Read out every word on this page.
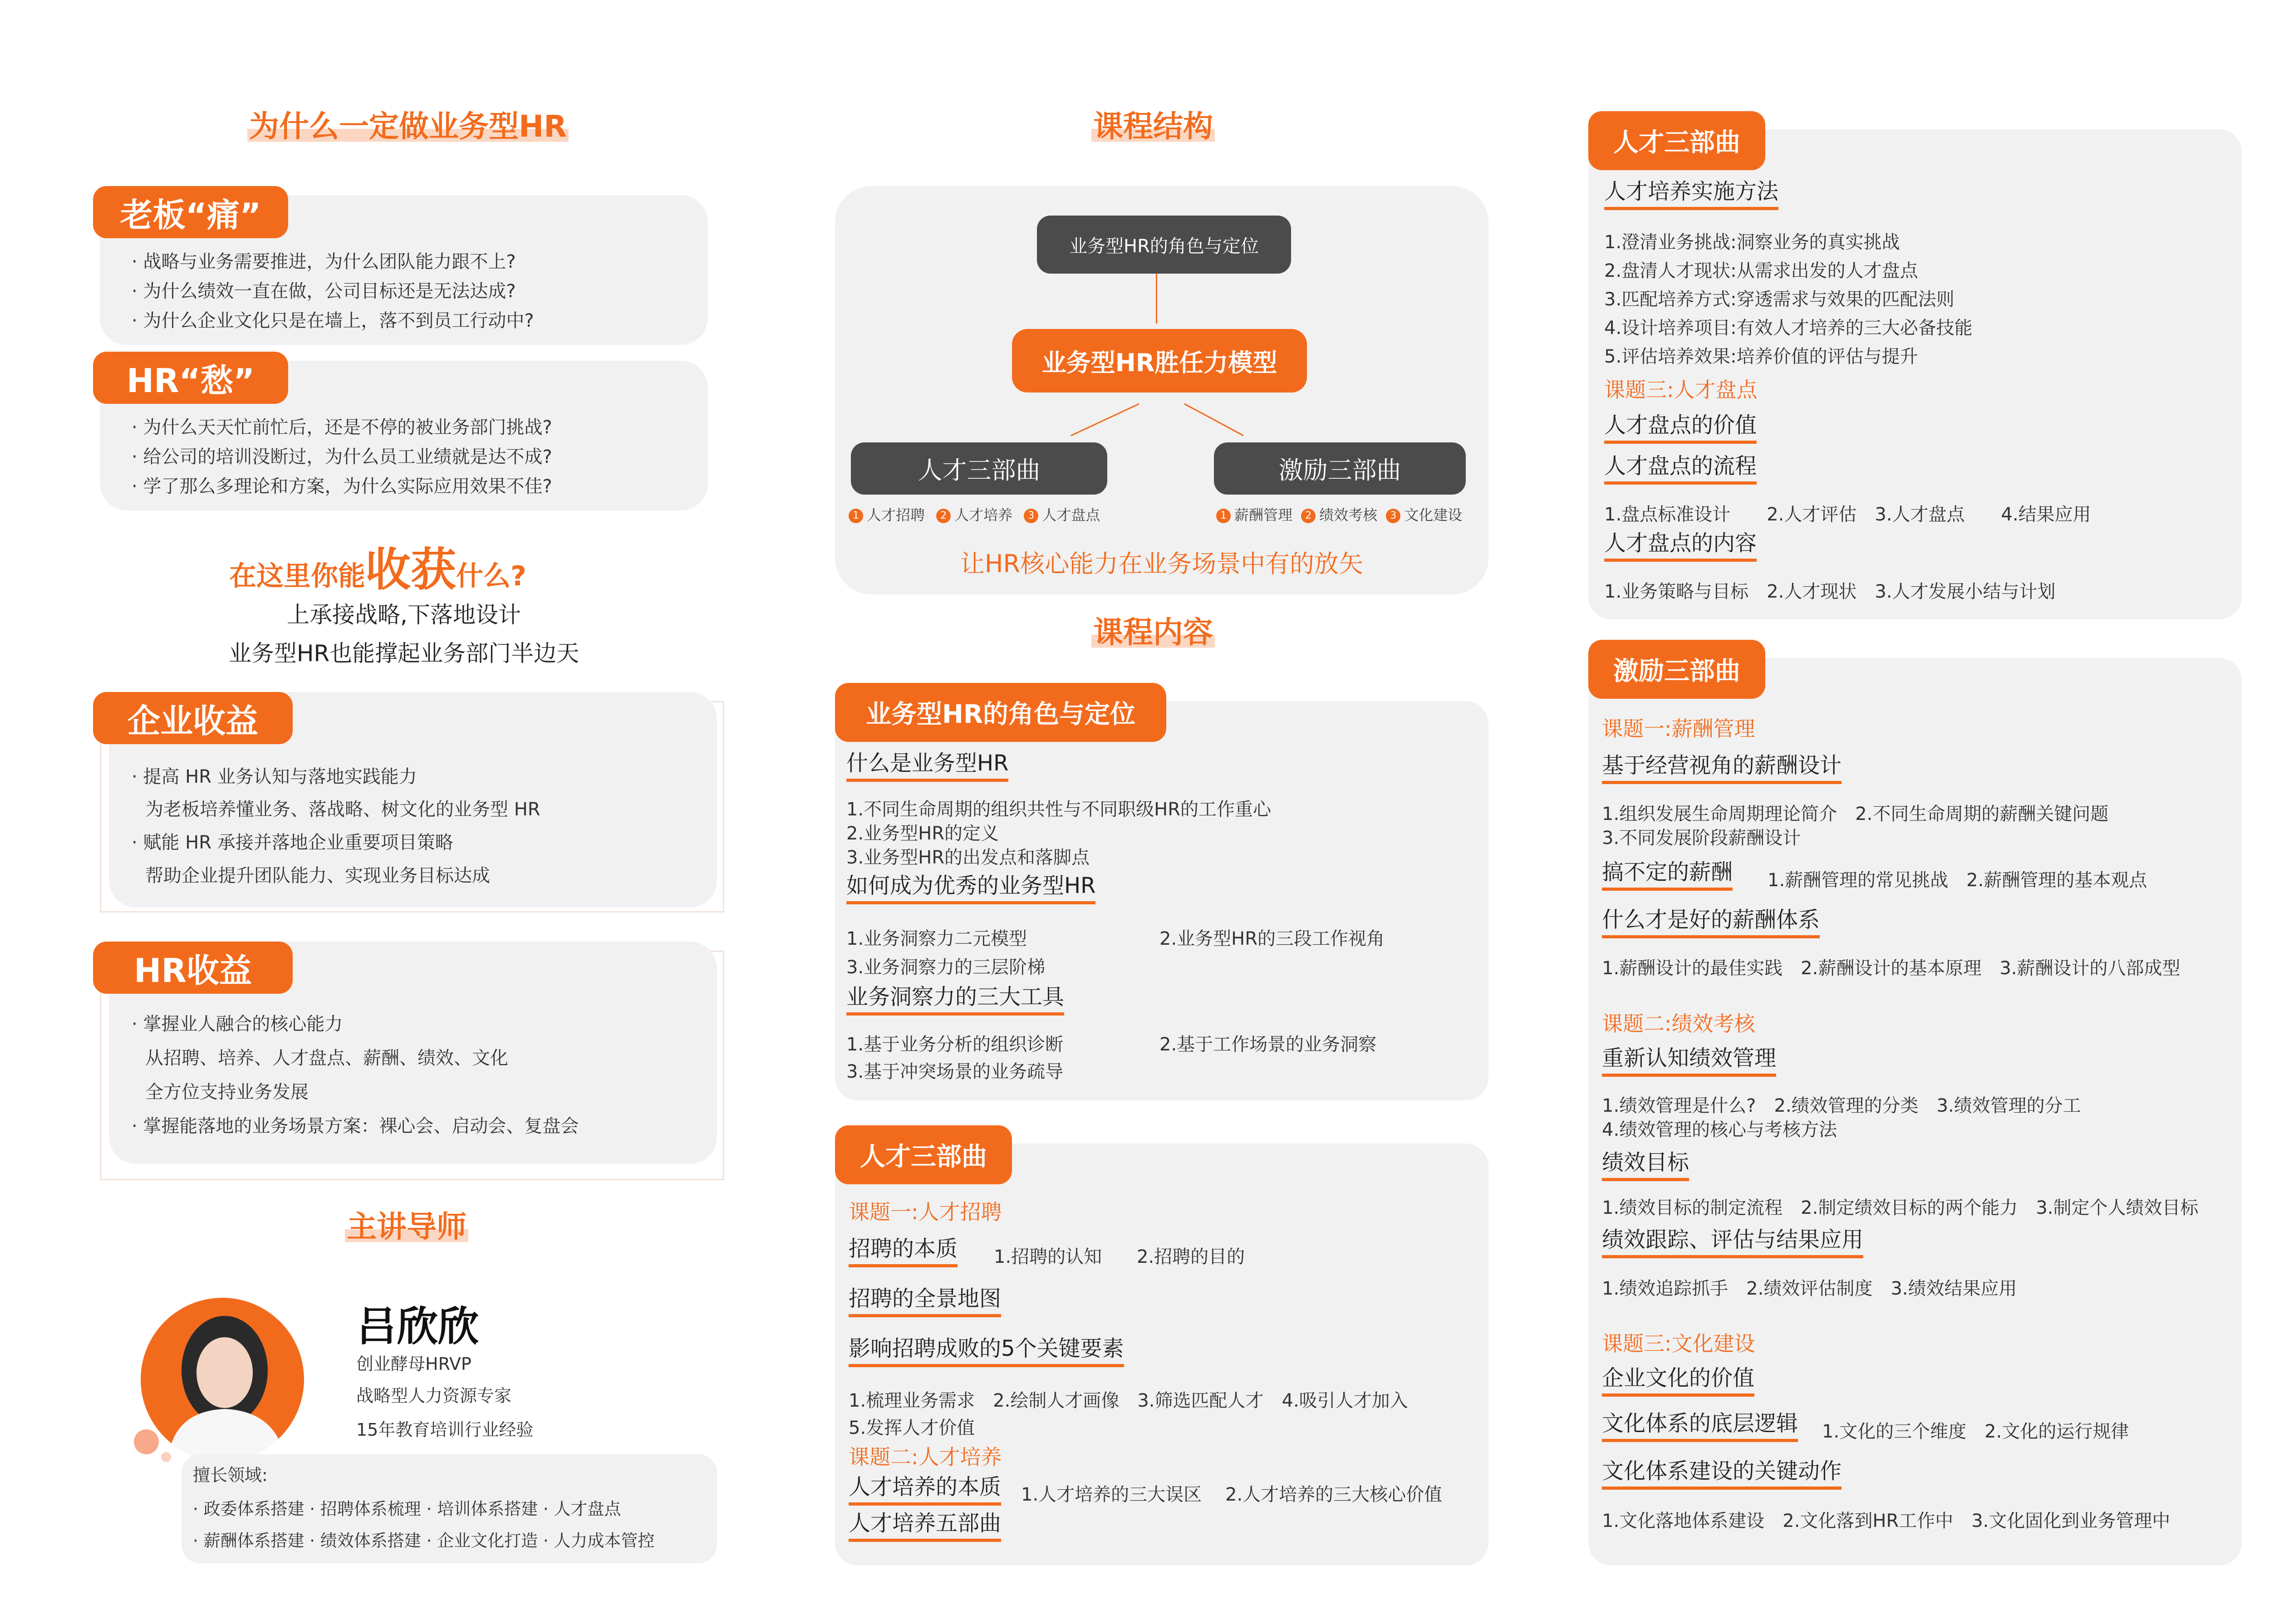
为什么一定做业务型HR
老板“痛”
· 战略与业务需要推进，为什么团队能力跟不上?
· 为什么绩效一直在做，公司目标还是无法达成?
· 为什么企业文化只是在墙上，落不到员工行动中?
HR“愁”
· 为什么天天忙前忙后，还是不停的被业务部门挑战?
· 给公司的培训没断过，为什么员工业绩就是达不成?
· 学了那么多理论和方案，为什么实际应用效果不佳?
在这里你能收获什么?
上承接战略,下落地设计
业务型HR也能撑起业务部门半边天
企业收益
· 提高 HR 业务认知与落地实践能力
为老板培养懂业务、落战略、树文化的业务型 HR
· 赋能 HR 承接并落地企业重要项目策略
帮助企业提升团队能力、实现业务目标达成
HR收益
· 掌握业人融合的核心能力
从招聘、培养、人才盘点、薪酬、绩效、文化
全方位支持业务发展
· 掌握能落地的业务场景方案：裸心会、启动会、复盘会
主讲导师
吕欣欣
创业酵母HRVP
战略型人力资源专家
15年教育培训行业经验
擅长领域:
· 政委体系搭建 · 招聘体系梳理 · 培训体系搭建 · 人才盘点
· 薪酬体系搭建 · 绩效体系搭建 · 企业文化打造 · 人力成本管控
课程结构
业务型HR的角色与定位
业务型HR胜任力模型
人才三部曲	激励三部曲
1 人才招聘 2 人才培养 3 人才盘点	1 薪酬管理 2 绩效考核 3 文化建设
让HR核心能力在业务场景中有的放矢
课程内容
业务型HR的角色与定位
什么是业务型HR
1.不同生命周期的组织共性与不同职级HR的工作重心
2.业务型HR的定义
3.业务型HR的出发点和落脚点
如何成为优秀的业务型HR
1.业务洞察力二元模型	2.业务型HR的三段工作视角
3.业务洞察力的三层阶梯
业务洞察力的三大工具
1.基于业务分析的组织诊断	2.基于工作场景的业务洞察
3.基于冲突场景的业务疏导
人才三部曲
课题一:人才招聘
招聘的本质 1.招聘的认知 2.招聘的目的
招聘的全景地图
影响招聘成败的5个关键要素
1.梳理业务需求　2.绘制人才画像　3.筛选匹配人才　4.吸引人才加入
5.发挥人才价值
课题二:人才培养
人才培养的本质 1.人才培养的三大误区 2.人才培养的三大核心价值
人才培养五部曲
人才三部曲
人才培养实施方法
1.澄清业务挑战:洞察业务的真实挑战
2.盘清人才现状:从需求出发的人才盘点
3.匹配培养方式:穿透需求与效果的匹配法则
4.设计培养项目:有效人才培养的三大必备技能
5.评估培养效果:培养价值的评估与提升
课题三:人才盘点
人才盘点的价值
人才盘点的流程
1.盘点标准设计　　2.人才评估　3.人才盘点　　4.结果应用
人才盘点的内容
1.业务策略与目标　2.人才现状　3.人才发展小结与计划
激励三部曲
课题一:薪酬管理
基于经营视角的薪酬设计
1.组织发展生命周期理论简介　2.不同生命周期的薪酬关键问题
3.不同发展阶段薪酬设计
搞不定的薪酬 1.薪酬管理的常见挑战　2.薪酬管理的基本观点
什么才是好的薪酬体系
1.薪酬设计的最佳实践　2.薪酬设计的基本原理　3.薪酬设计的八部成型
课题二:绩效考核
重新认知绩效管理
1.绩效管理是什么?　2.绩效管理的分类　3.绩效管理的分工
4.绩效管理的核心与考核方法
绩效目标
1.绩效目标的制定流程　2.制定绩效目标的两个能力　3.制定个人绩效目标
绩效跟踪、评估与结果应用
1.绩效追踪抓手　2.绩效评估制度　3.绩效结果应用
课题三:文化建设
企业文化的价值
文化体系的底层逻辑 1.文化的三个维度　2.文化的运行规律
文化体系建设的关键动作
1.文化落地体系建设　2.文化落到HR工作中　3.文化固化到业务管理中
